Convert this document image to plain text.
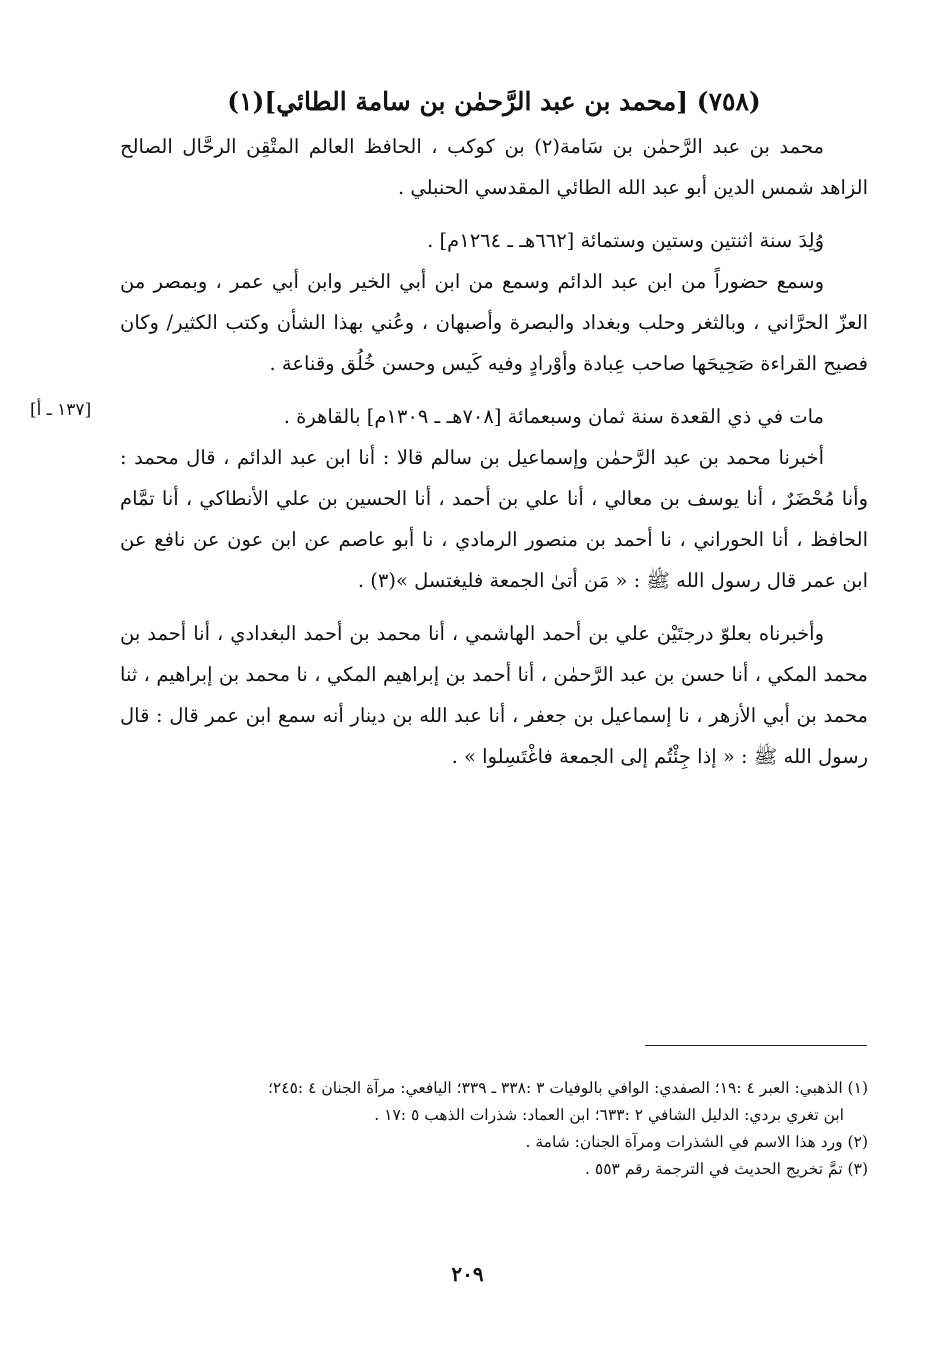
(٧٥٨) [محمد بن عبد الرَّحمٰن بن سامة الطائي](١)

محمد بن عبد الرَّحمٰن بن سَامة(٢) بن كوكب ، الحافظ العالم المتْقِن الرحَّال الصالح الزاهد شمس الدين أبو عبد الله الطائي المقدسي الحنبلي .

وُلِدَ سنة اثنتين وستين وستمائة [٦٦٢هـ ـ ١٢٦٤م] .

وسمع حضوراً من ابن عبد الدائم وسمع من ابن أبي الخير وابن أبي عمر ، وبمصر من العزّ الحرَّاني ، وبالثغر وحلب وبغداد والبصرة وأصبهان ، وعُني بهذا الشأن وكتب الكثير/ وكان فصيح القراءة صَحِيحَها صاحب عِبادة وأوْرادٍ وفيه كَيس وحسن خُلُق وقناعة .

مات في ذي القعدة سنة ثمان وسبعمائة [٧٠٨هـ ـ ١٣٠٩م] بالقاهرة .

أخبرنا محمد بن عبد الرَّحمٰن وإسماعيل بن سالم قالا : أنا ابن عبد الدائم ، قال محمد : وأنا مُحْضَرٌ ، أنا يوسف بن معالي ، أنا علي بن أحمد ، أنا الحسين بن علي الأنطاكي ، أنا تمَّام الحافظ ، أنا الحوراني ، نا أحمد بن منصور الرمادي ، نا أبو عاصم عن ابن عون عن نافع عن ابن عمر قال رسول الله ﷺ : « مَن أتىٰ الجمعة فليغتسل »(٣) .

وأخبرناه بعلوّ درجتَيْن علي بن أحمد الهاشمي ، أنا محمد بن أحمد البغدادي ، أنا أحمد بن محمد المكي ، أنا حسن بن عبد الرَّحمٰن ، أنا أحمد بن إبراهيم المكي ، نا محمد بن إبراهيم ، ثنا محمد بن أبي الأزهر ، نا إسماعيل بن جعفر ، أنا عبد الله بن دينار أنه سمع ابن عمر قال : قال رسول الله ﷺ : « إذا جِئْتُم إلى الجمعة فاغْتَسِلوا » .

[١٣٧ ـ أ]

(١) الذهبي: العبر ٤ :١٩؛ الصفدي: الوافي بالوفيات ٣ :٣٣٨ ـ ٣٣٩؛ اليافعي: مرآة الجنان ٤ :٢٤٥؛

ابن تغري بردي: الدليل الشافي ٢ :٦٣٣؛ ابن العماد: شذرات الذهب ٥ :١٧ .

(٢) ورد هذا الاسم في الشذرات ومرآة الجنان: شامة .

(٣) تمَّ تخريج الحديث في الترجمة رقم ٥٥٣ .

٢٠٩
